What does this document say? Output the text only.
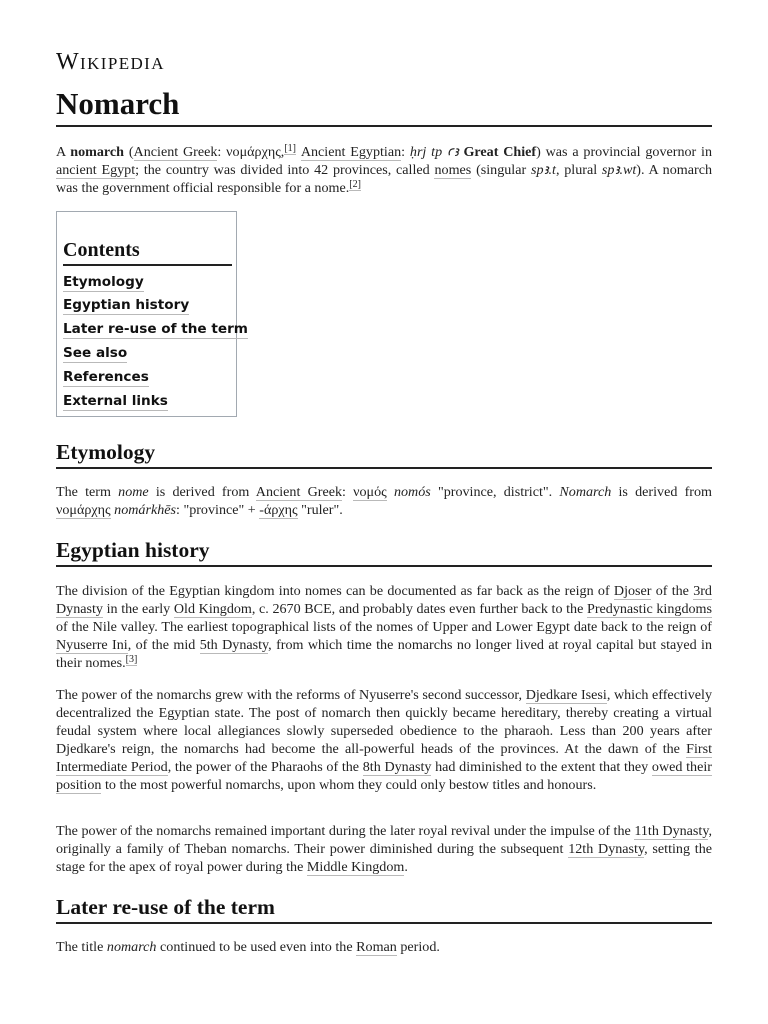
Wikipedia
Nomarch

A nomarch (Ancient Greek: νομάρχης,[1] Ancient Egyptian: ḥrj tp ꜥꜣ Great Chief) was a provincial governor in ancient Egypt; the country was divided into 42 provinces, called nomes (singular spꜣ.t, plural spꜣ.wt). A nomarch was the government official responsible for a nome.[2]

Contents
Etymology
Egyptian history
Later re-use of the term
See also
References
External links
Etymology

The term nome is derived from Ancient Greek: νομός nomós "province, district". Nomarch is derived from νομάρχης nomárkhēs: "province" + -άρχης "ruler".

Egyptian history

The division of the Egyptian kingdom into nomes can be documented as far back as the reign of Djoser of the 3rd Dynasty in the early Old Kingdom, c. 2670 BCE, and probably dates even further back to the Predynastic kingdoms of the Nile valley. The earliest topographical lists of the nomes of Upper and Lower Egypt date back to the reign of Nyuserre Ini, of the mid 5th Dynasty, from which time the nomarchs no longer lived at royal capital but stayed in their nomes.[3]

The power of the nomarchs grew with the reforms of Nyuserre's second successor, Djedkare Isesi, which effectively decentralized the Egyptian state. The post of nomarch then quickly became hereditary, thereby creating a virtual feudal system where local allegiances slowly superseded obedience to the pharaoh. Less than 200 years after Djedkare's reign, the nomarchs had become the all-powerful heads of the provinces. At the dawn of the First Intermediate Period, the power of the Pharaohs of the 8th Dynasty had diminished to the extent that they owed their position to the most powerful nomarchs, upon whom they could only bestow titles and honours.

The power of the nomarchs remained important during the later royal revival under the impulse of the 11th Dynasty, originally a family of Theban nomarchs. Their power diminished during the subsequent 12th Dynasty, setting the stage for the apex of royal power during the Middle Kingdom.

Later re-use of the term

The title nomarch continued to be used even into the Roman period.
